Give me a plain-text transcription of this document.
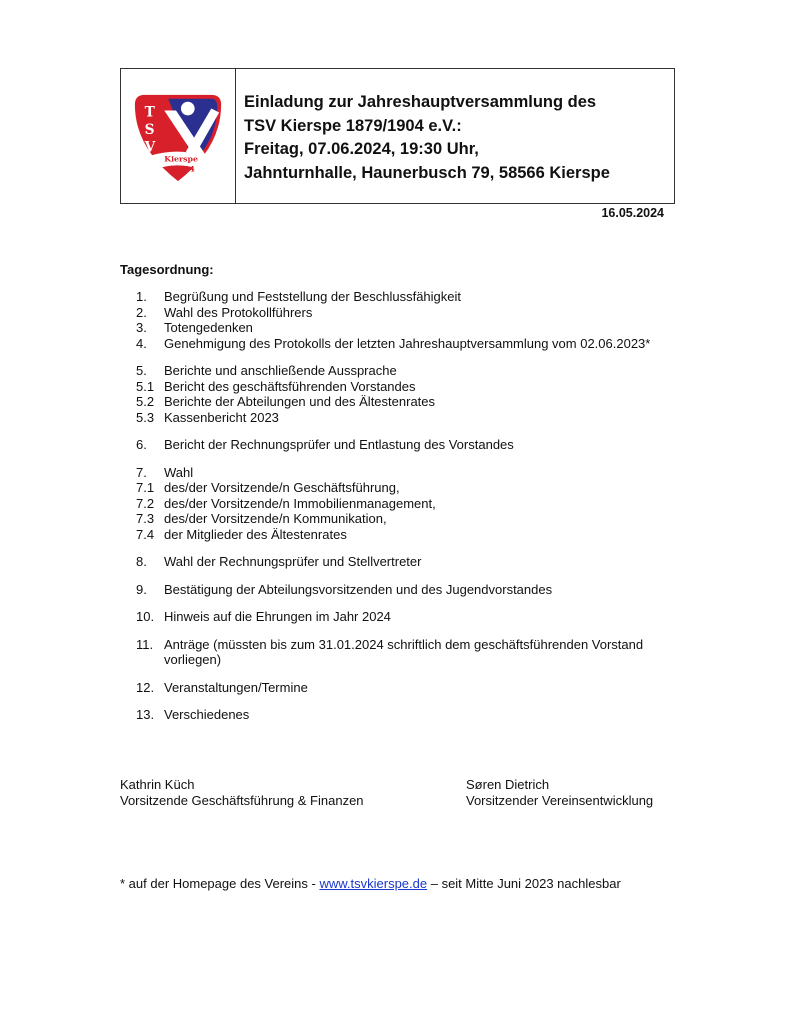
T
S
V
Kierspe
79/04
Einladung zur Jahreshauptversammlung des
TSV Kierspe 1879/1904 e.V.:
Freitag, 07.06.2024, 19:30 Uhr,
Jahnturnhalle, Haunerbusch 79, 58566 Kierspe
16.05.2024
Tagesordnung:
1.	Begrüßung und Feststellung der Beschlussfähigkeit
2.	Wahl des Protokollführers
3.	Totengedenken
4.	Genehmigung des Protokolls der letzten Jahreshauptversammlung vom 02.06.2023*
5.	Berichte und anschließende Aussprache
5.1 Bericht des geschäftsführenden Vorstandes
5.2 Berichte der Abteilungen und des Ältestenrates
5.3 Kassenbericht 2023
6.	Bericht der Rechnungsprüfer und Entlastung des Vorstandes
7.	Wahl
7.1 des/der Vorsitzende/n Geschäftsführung,
7.2 des/der Vorsitzende/n Immobilienmanagement,
7.3 des/der Vorsitzende/n Kommunikation,
7.4 der Mitglieder des Ältestenrates
8.	Wahl der Rechnungsprüfer und Stellvertreter
9.	Bestätigung der Abteilungsvorsitzenden und des Jugendvorstandes
10. Hinweis auf die Ehrungen im Jahr 2024
11. Anträge (müssten bis zum 31.01.2024 schriftlich dem geschäftsführenden Vorstand vorliegen)
12. Veranstaltungen/Termine
13. Verschiedenes
Kathrin Küch
Vorsitzende Geschäftsführung & Finanzen
Søren Dietrich
Vorsitzender Vereinsentwicklung
* auf der Homepage des Vereins - www.tsvkierspe.de – seit Mitte Juni 2023 nachlesbar
